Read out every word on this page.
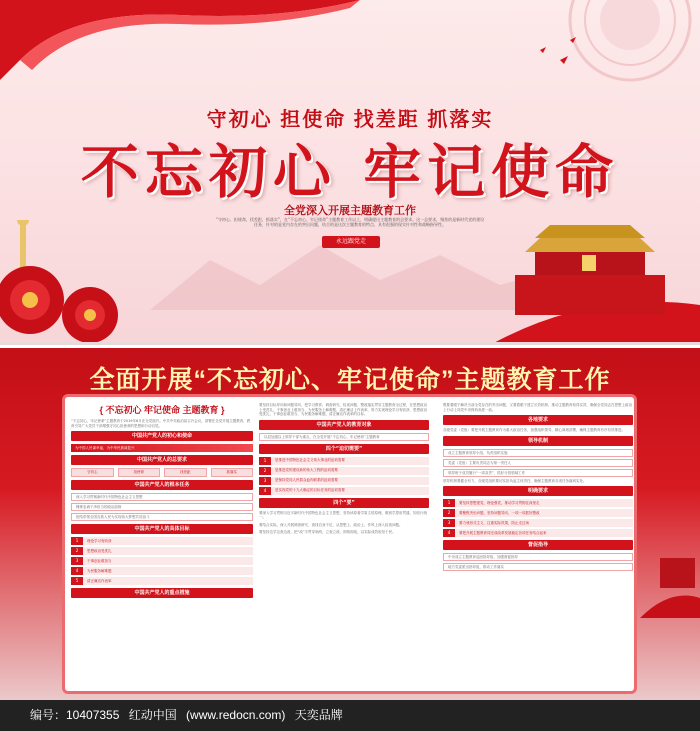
守初心 担使命 找差距 抓落实
不忘初心 牢记使命
全党深入开展主题教育工作
“守初心、担使命、找差距、抓落实”，在“不忘初心、牢记使命”主题教育工作以上，明确提出主题教育的总要求。这一总要求，聚焦的是新时代党的建设任务，针对的是党内存在的突出问题，结合的是这次主题教育的特点，具有很强的现实针对性和战略指导性。
永远跟党走
全面开展“不忘初心、牢记使命”主题教育工作
{ 不忘初心 牢记使命 主题教育 }
“不忘初心，牢记使命”主题教育于2019年6月在全党展开。中共中央政治局召开会议，部署在全党开展主题教育，教育引导广大党员干部增强守初心担使命的思想和行动自觉。
中国共产党人的初心和使命
为中国人民谋幸福，为中华民族谋复兴
中国共产党人的总要求
守初心	担使命	找差距	抓落实
中国共产党人的根本任务
深入学习贯彻新时代中国特色社会主义思想
锤炼忠诚干净担当的政治品格
团结带领全国各族人民为实现伟大梦想共同奋斗
中国共产党人的具体目标
1	理论学习有收获
2	思想政治受洗礼
3	干事创业敢担当
4	为民服务解难题
5	清正廉洁作表率
中国共产党人的重点措施
要坚持目标导向和问题导向，把学习教育、调查研究、检视问题、整改落实贯穿主题教育全过程，在思想政治上受洗礼、干事创业上敢担当、为民服务上解难题、清正廉洁上作表率，努力实现理论学习有收获、思想政治受洗礼、干事创业敢担当、为民服务解难题、清正廉洁作表率的目标。
中国共产党人的教育对象
以县处级以上领导干部为重点，在全党开展“不忘初心、牢记使命”主题教育
四个“迫切需要”
1	是推进中国特色社会主义伟大事业的迫切需要
2	是推进党的建设新的伟大工程的迫切需要
3	是保持党同人民群众血肉联系的迫切需要
4	是实现党的十九大确定的目标任务的迫切需要
四个“要”
要深入学习贯彻习近平新时代中国特色社会主义思想，坚持读原著学原文悟原理，做到学思用贯通、知信行统一。
要结合实际，深入开展调查研究，查找自身不足，从思想上、政治上、作风上深入检视问题。
要坚持边学边查边改，把“改”字贯穿始终，立查立改、即知即改，以实际成效取信于民。
既要着眼于解决当前全党存在的突出问题，又要着眼于建立长效机制，推动主题教育取得实效，确保全党同志在思想上政治上行动上同党中央保持高度一致。
各地要求
各级党委（党组）要把开展主题教育作为重大政治任务，加强组织领导，精心谋划部署，确保主题教育有序有效推进。
领导机制
成立主题教育领导小组，负责组织实施
党委（党组）主要负责同志为第一责任人
领导班子成员履行“一岗双责”，抓好分管领域工作
领导机制要健全有力，各级党组织要切实担负起主体责任，确保主题教育各项任务落到实处。
明确要求
1	要坚持思想建党、理论强党，推动学习贯彻往深里走
2	要聚焦突出问题，坚持问题导向，一项一项抓好整改
3	要力戒形式主义，注重实际效果，防止走过场
4	要把开展主题教育同完成改革发展稳定各项任务结合起来
督促指导
中央成立主题教育巡回指导组，加强督促指导
地方党委派出指导组，推动工作落实
编号：10407355 红动中国 (www.redocn.com) 天奕品牌
